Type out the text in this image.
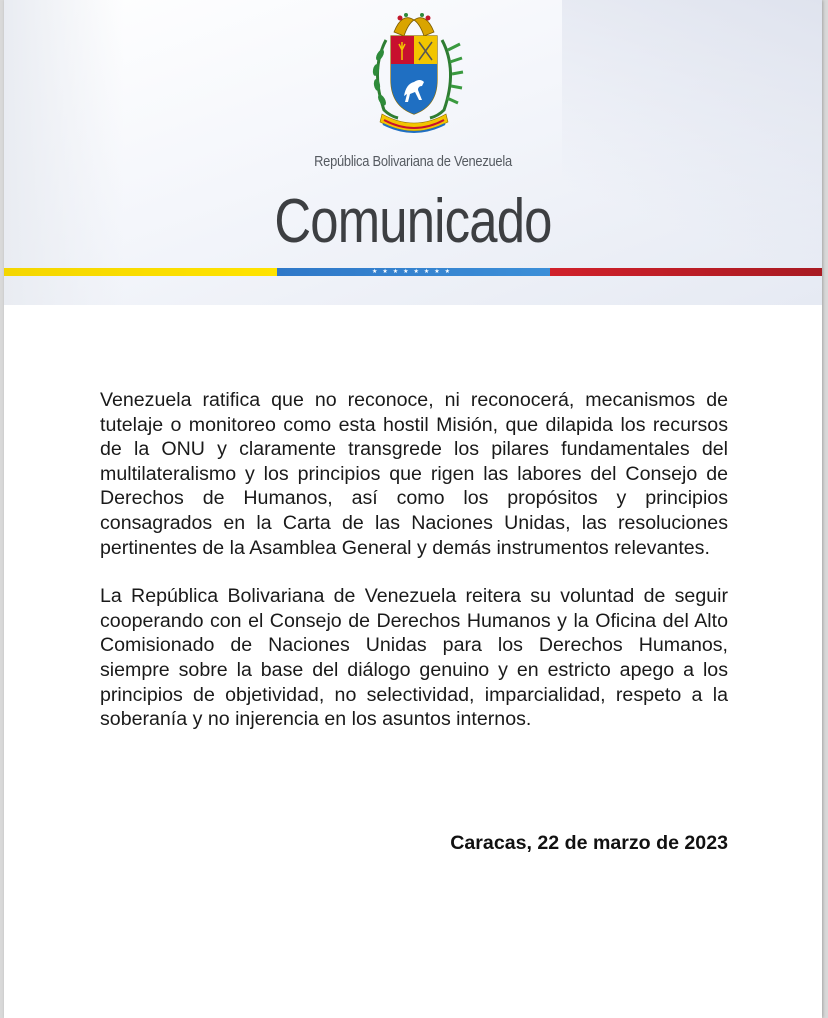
República Bolivariana de Venezuela
Comunicado
★★★★★★★★

Venezuela ratifica que no reconoce, ni reconocerá, mecanismos de tutelaje o monitoreo como esta hostil Misión, que dilapida los recursos de la ONU y claramente transgrede los pilares fundamentales del multilateralismo y los principios que rigen las labores del Consejo de Derechos de Humanos, así como los propósitos y principios consagrados en la Carta de las Naciones Unidas, las resoluciones pertinentes de la Asamblea General y demás instrumentos relevantes.

La República Bolivariana de Venezuela reitera su voluntad de seguir cooperando con el Consejo de Derechos Humanos y la Oficina del Alto Comisionado de Naciones Unidas para los Derechos Humanos, siempre sobre la base del diálogo genuino y en estricto apego a los principios de objetividad, no selectividad, imparcialidad, respeto a la soberanía y no injerencia en los asuntos internos.

Caracas, 22 de marzo de 2023
